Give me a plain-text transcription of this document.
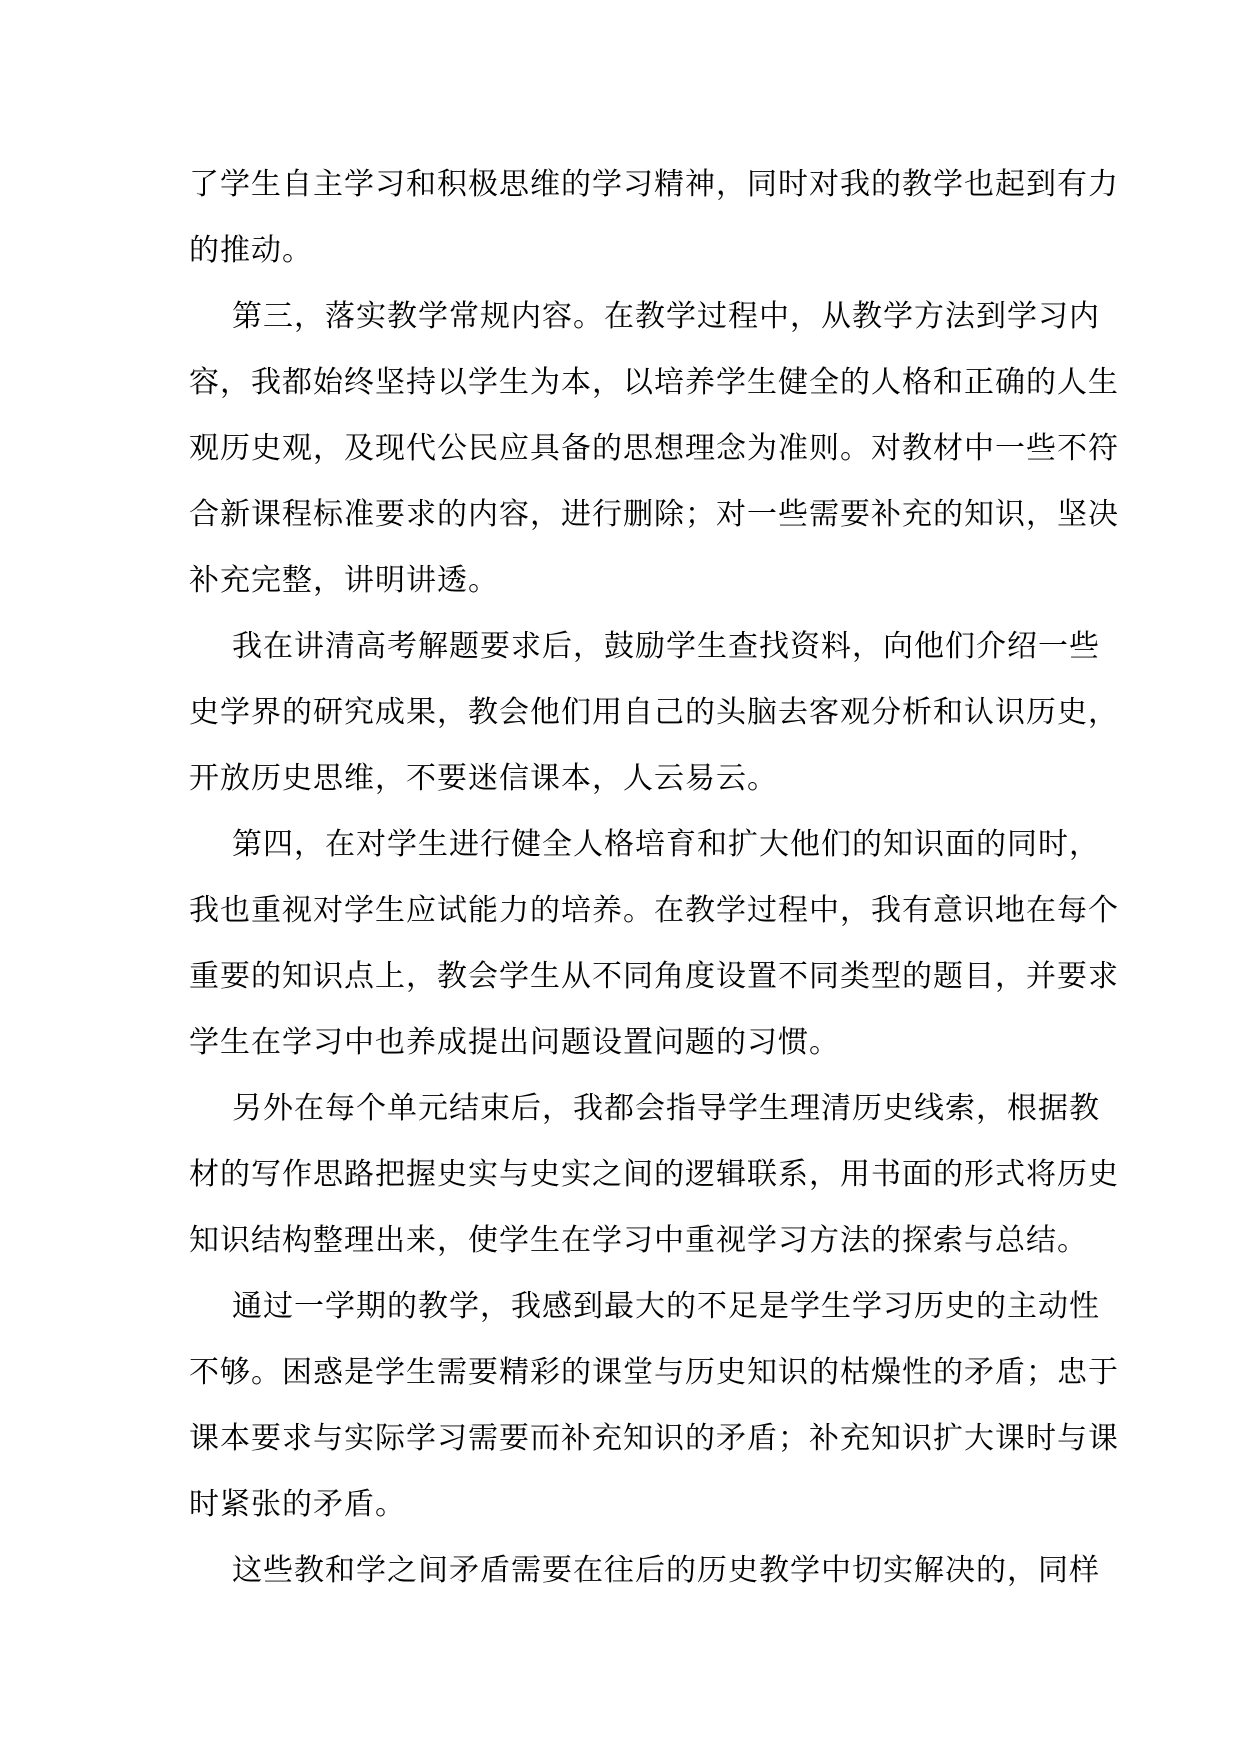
了学生自主学习和积极思维的学习精神，同时对我的教学也起到有力
的推动。
第三，落实教学常规内容。在教学过程中，从教学方法到学习内
容，我都始终坚持以学生为本，以培养学生健全的人格和正确的人生
观历史观，及现代公民应具备的思想理念为准则。对教材中一些不符
合新课程标准要求的内容，进行删除；对一些需要补充的知识，坚决
补充完整，讲明讲透。
我在讲清高考解题要求后，鼓励学生查找资料，向他们介绍一些
史学界的研究成果，教会他们用自己的头脑去客观分析和认识历史，
开放历史思维，不要迷信课本，人云易云。
第四，在对学生进行健全人格培育和扩大他们的知识面的同时，
我也重视对学生应试能力的培养。在教学过程中，我有意识地在每个
重要的知识点上，教会学生从不同角度设置不同类型的题目，并要求
学生在学习中也养成提出问题设置问题的习惯。
另外在每个单元结束后，我都会指导学生理清历史线索，根据教
材的写作思路把握史实与史实之间的逻辑联系，用书面的形式将历史
知识结构整理出来，使学生在学习中重视学习方法的探索与总结。
通过一学期的教学，我感到最大的不足是学生学习历史的主动性
不够。困惑是学生需要精彩的课堂与历史知识的枯燥性的矛盾；忠于
课本要求与实际学习需要而补充知识的矛盾；补充知识扩大课时与课
时紧张的矛盾。
这些教和学之间矛盾需要在往后的历史教学中切实解决的，同样
